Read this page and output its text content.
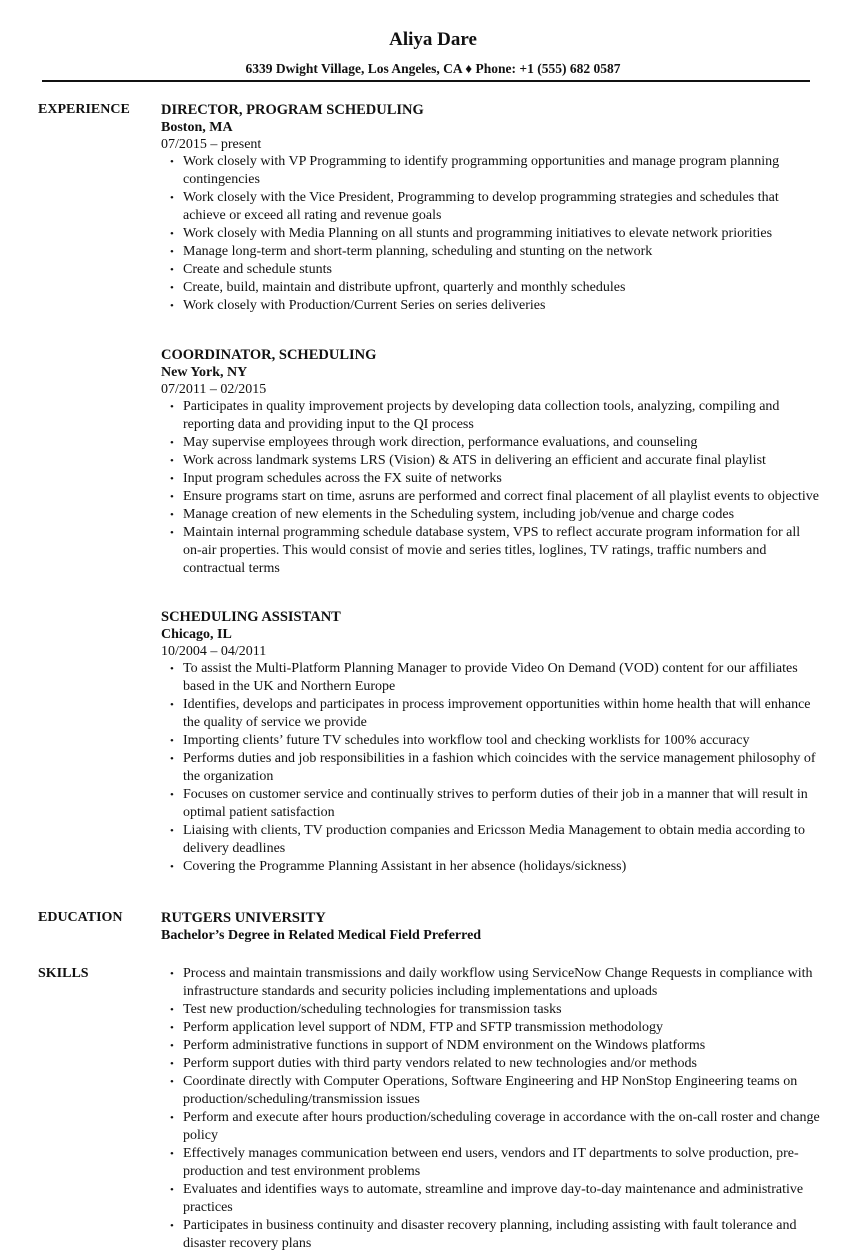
Aliya Dare
6339 Dwight Village, Los Angeles, CA ♦ Phone: +1 (555) 682 0587
EXPERIENCE DIRECTOR, PROGRAM SCHEDULING
Boston, MA
07/2015 – present
• Work closely with VP Programming to identify programming opportunities and manage program planning contingencies
• Work closely with the Vice President, Programming to develop programming strategies and schedules that achieve or exceed all rating and revenue goals
• Work closely with Media Planning on all stunts and programming initiatives to elevate network priorities
• Manage long-term and short-term planning, scheduling and stunting on the network
• Create and schedule stunts
• Create, build, maintain and distribute upfront, quarterly and monthly schedules
• Work closely with Production/Current Series on series deliveries
COORDINATOR, SCHEDULING
New York, NY
07/2011 – 02/2015
• Participates in quality improvement projects by developing data collection tools, analyzing, compiling and reporting data and providing input to the QI process
• May supervise employees through work direction, performance evaluations, and counseling
• Work across landmark systems LRS (Vision) & ATS in delivering an efficient and accurate final playlist
• Input program schedules across the FX suite of networks
• Ensure programs start on time, asruns are performed and correct final placement of all playlist events to objective
• Manage creation of new elements in the Scheduling system, including job/venue and charge codes
• Maintain internal programming schedule database system, VPS to reflect accurate program information for all on-air properties. This would consist of movie and series titles, loglines, TV ratings, traffic numbers and contractual terms
SCHEDULING ASSISTANT
Chicago, IL
10/2004 – 04/2011
• To assist the Multi-Platform Planning Manager to provide Video On Demand (VOD) content for our affiliates based in the UK and Northern Europe
• Identifies, develops and participates in process improvement opportunities within home health that will enhance the quality of service we provide
• Importing clients’ future TV schedules into workflow tool and checking worklists for 100% accuracy
• Performs duties and job responsibilities in a fashion which coincides with the service management philosophy of the organization
• Focuses on customer service and continually strives to perform duties of their job in a manner that will result in optimal patient satisfaction
• Liaising with clients, TV production companies and Ericsson Media Management to obtain media according to delivery deadlines
• Covering the Programme Planning Assistant in her absence (holidays/sickness)
EDUCATION	RUTGERS UNIVERSITY
Bachelor’s Degree in Related Medical Field Preferred
SKILLS
•	Process and maintain transmissions and daily workflow using ServiceNow Change Requests in compliance with infrastructure standards and security policies including implementations and uploads
• Test new production/scheduling technologies for transmission tasks
• Perform application level support of NDM, FTP and SFTP transmission methodology
• Perform administrative functions in support of NDM environment on the Windows platforms
• Perform support duties with third party vendors related to new technologies and/or methods
• Coordinate directly with Computer Operations, Software Engineering and HP NonStop Engineering teams on production/scheduling/transmission issues
• Perform and execute after hours production/scheduling coverage in accordance with the on-call roster and change policy
• Effectively manages communication between end users, vendors and IT departments to solve production, pre-production and test environment problems
• Evaluates and identifies ways to automate, streamline and improve day-to-day maintenance and administrative practices
• Participates in business continuity and disaster recovery planning, including assisting with fault tolerance and disaster recovery plans
